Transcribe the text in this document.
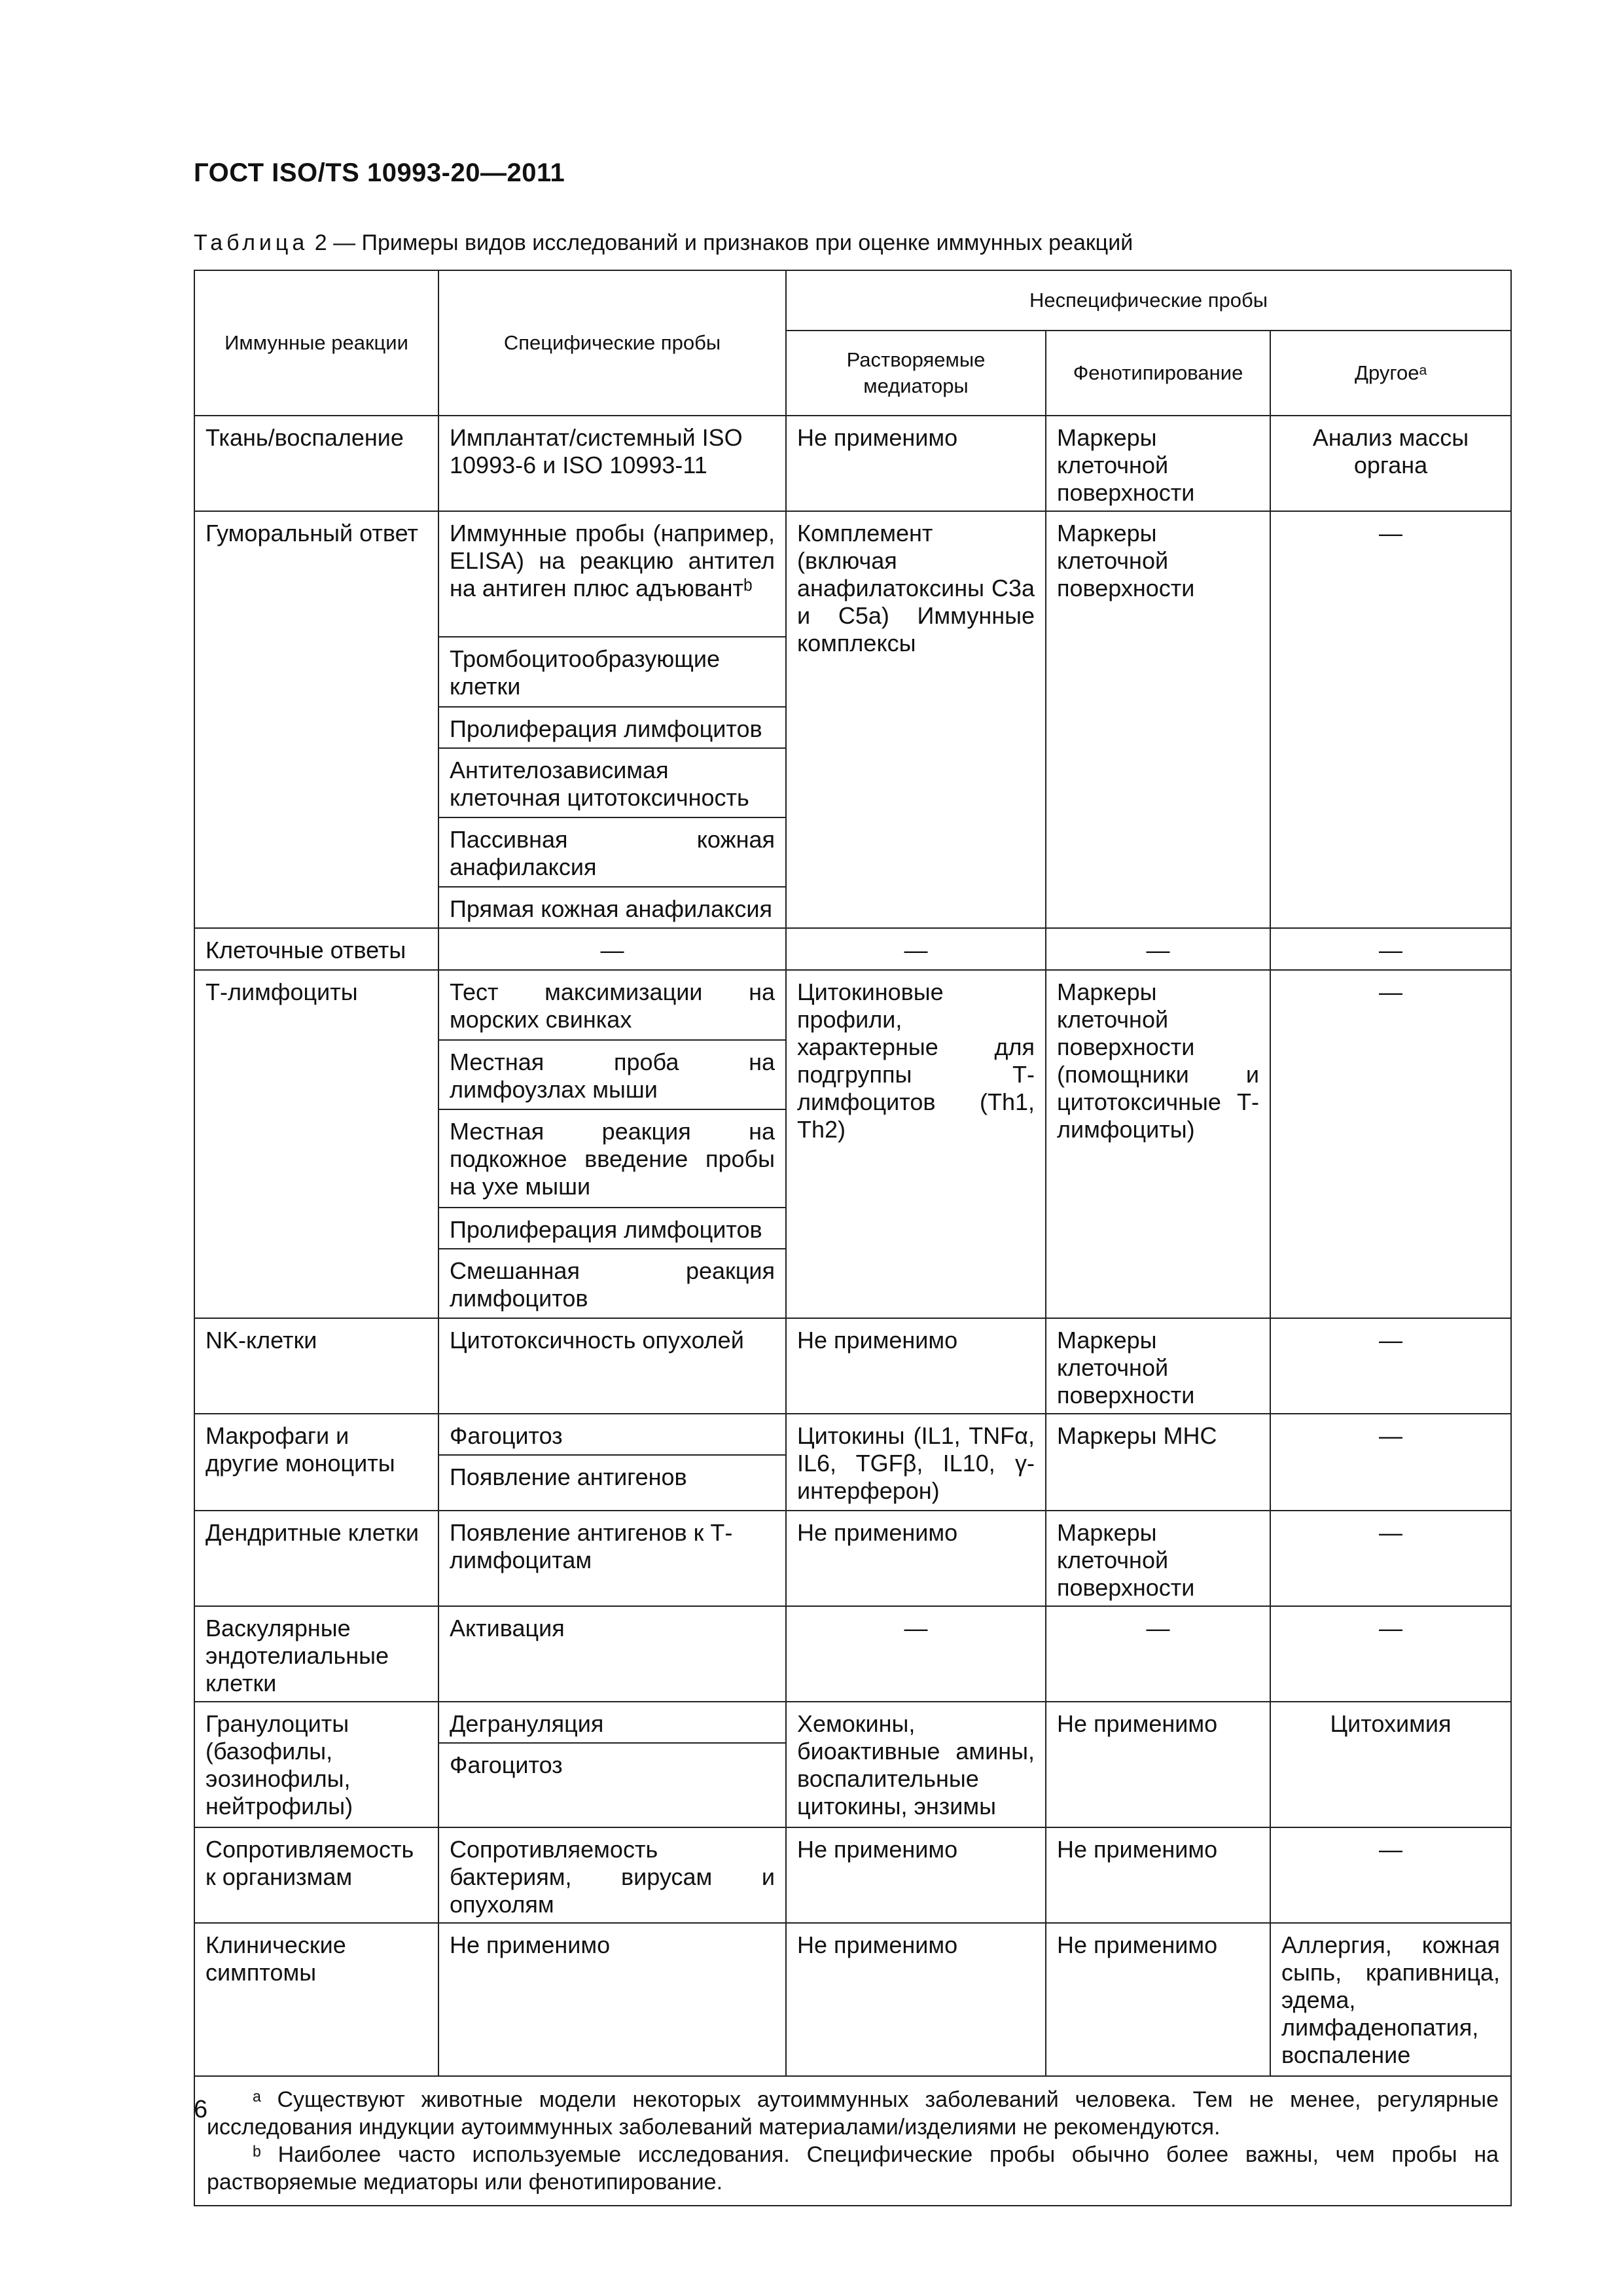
ГОСТ ISO/TS 10993-20—2011
Таблица 2 — Примеры видов исследований и признаков при оценке иммунных реакций
Иммунные реакции	Специфические пробы	Неспецифические пробы		
		Растворяемые медиаторы	Фенотипирование	Другоеᵃ
Ткань/воспаление	Имплантат/системный ISO 10993-6 и ISO 10993-11	Не применимо	Маркеры клеточной поверхности	Анализ массы органа
Гуморальный ответ	Иммунные пробы (например, ELISA) на реакцию антител на антиген плюс адъювантᵇ	Комплемент (включая анафилатоксины С3а и С5а) Иммунные комплексы	Маркеры клеточной поверхности	—
	Тромбоцитообразующие клетки			
	Пролиферация лимфоцитов			
	Антителозависимая клеточная цитотоксичность			
	Пассивная кожная анафилаксия			
	Прямая кожная анафилаксия			
Клеточные ответы	—	—	—	—
Т-лимфоциты	Тест максимизации на морских свинках	Цитокиновые профили, характерные для подгруппы Т-лимфоцитов (Th1, Th2)	Маркеры клеточной поверхности (помощники и цитотоксичные Т-лимфоциты)	—
	Местная проба на лимфоузлах мыши			
	Местная реакция на подкожное введение пробы на ухе мыши			
	Пролиферация лимфоцитов			
	Смешанная реакция лимфоцитов			
NK-клетки	Цитотоксичность опухолей	Не применимо	Маркеры клеточной поверхности	—
Макрофаги и другие моноциты	Фагоцитоз	Цитокины (IL1, TNFα, IL6, TGFβ, IL10, γ-интерферон)	Маркеры МНС	—
	Появление антигенов			
Дендритные клетки	Появление антигенов к Т-лимфоцитам	Не применимо	Маркеры клеточной поверхности	—
Васкулярные эндотелиальные клетки	Активация	—	—	—
Гранулоциты (базофилы, эозинофилы, нейтрофилы)	Дегрануляция	Хемокины, биоактивные амины, воспалительные цитокины, энзимы	Не применимо	Цитохимия
	Фагоцитоз			
Сопротивляемость к организмам	Сопротивляемость бактериям, вирусам и опухолям	Не применимо	Не применимо	—
Клинические симптомы	Не применимо	Не применимо	Не применимо	Аллергия, кожная сыпь, крапивница, эдема, лимфаденопатия, воспаление

ᵃ Существуют животные модели некоторых аутоиммунных заболеваний человека. Тем не менее, регулярные исследования индукции аутоиммунных заболеваний материалами/изделиями не рекомендуются.
ᵇ Наиболее часто используемые исследования. Специфические пробы обычно более важны, чем пробы на растворяемые медиаторы или фенотипирование.				
6
